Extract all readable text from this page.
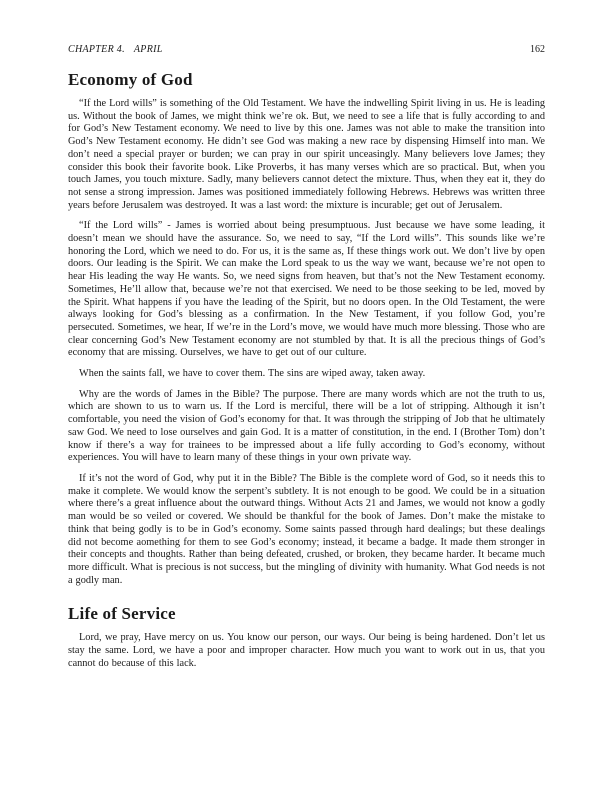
CHAPTER 4. APRIL	162
Economy of God

“If the Lord wills” is something of the Old Testament. We have the indwelling Spirit living in us. He is leading us. Without the book of James, we might think we’re ok. But, we need to see a life that is fully according to and for God’s New Testament economy. We need to live by this one. James was not able to make the transition into God’s New Testament economy. He didn’t see God was making a new race by dispensing Himself into man. We don’t need a special prayer or burden; we can pray in our spirit unceasingly. Many believers love James; they consider this book their favorite book. Like Proverbs, it has many verses which are so practical. But, when you touch James, you touch mixture. Sadly, many believers cannot detect the mixture. Thus, when they eat it, they do not sense a strong impression. James was positioned immediately following Hebrews. Hebrews was written three years before Jerusalem was destroyed. It was a last word: the mixture is incurable; get out of Jerusalem.

“If the Lord wills” - James is worried about being presumptuous. Just because we have some leading, it doesn’t mean we should have the assurance. So, we need to say, “If the Lord wills”. This sounds like we’re honoring the Lord, which we need to do. For us, it is the same as, If these things work out. We don’t live by open doors. Our leading is the Spirit. We can make the Lord speak to us the way we want, because we’re not open to hear His leading the way He wants. So, we need signs from heaven, but that’s not the New Testament economy. Sometimes, He’ll allow that, because we’re not that exercised. We need to be those seeking to be led, moved by the Spirit. What happens if you have the leading of the Spirit, but no doors open. In the Old Testament, the were always looking for God’s blessing as a confirmation. In the New Testament, if you follow God, you’re persecuted. Sometimes, we hear, If we’re in the Lord’s move, we would have much more blessing. Those who are clear concerning God’s New Testament economy are not stumbled by that. It is all the precious things of God’s economy that are missing. Ourselves, we have to get out of our culture.

When the saints fall, we have to cover them. The sins are wiped away, taken away.

Why are the words of James in the Bible? The purpose. There are many words which are not the truth to us, which are shown to us to warn us. If the Lord is merciful, there will be a lot of stripping. Although it isn’t comfortable, you need the vision of God’s economy for that. It was through the stripping of Job that he ultimately saw God. We need to lose ourselves and gain God. It is a matter of constitution, in the end. I (Brother Tom) don’t know if there’s a way for trainees to be impressed about a life fully according to God’s economy, without experiences. You will have to learn many of these things in your own private way.

If it’s not the word of God, why put it in the Bible? The Bible is the complete word of God, so it needs this to make it complete. We would know the serpent’s subtlety. It is not enough to be good. We could be in a situation where there’s a great influence about the outward things. Without Acts 21 and James, we would not know a godly man would be so veiled or covered. We should be thankful for the book of James. Don’t make the mistake to think that being godly is to be in God’s economy. Some saints passed through hard dealings; but these dealings did not become aomething for them to see God’s economy; instead, it became a badge. It made them stronger in their concepts and thoughts. Rather than being defeated, crushed, or broken, they became harder. It became much more difficult. What is precious is not success, but the mingling of divinity with humanity. What God needs is not a godly man.

Life of Service

Lord, we pray, Have mercy on us. You know our person, our ways. Our being is being hardened. Don’t let us stay the same. Lord, we have a poor and improper character. How much you want to work out in us, that you cannot do because of this lack.
